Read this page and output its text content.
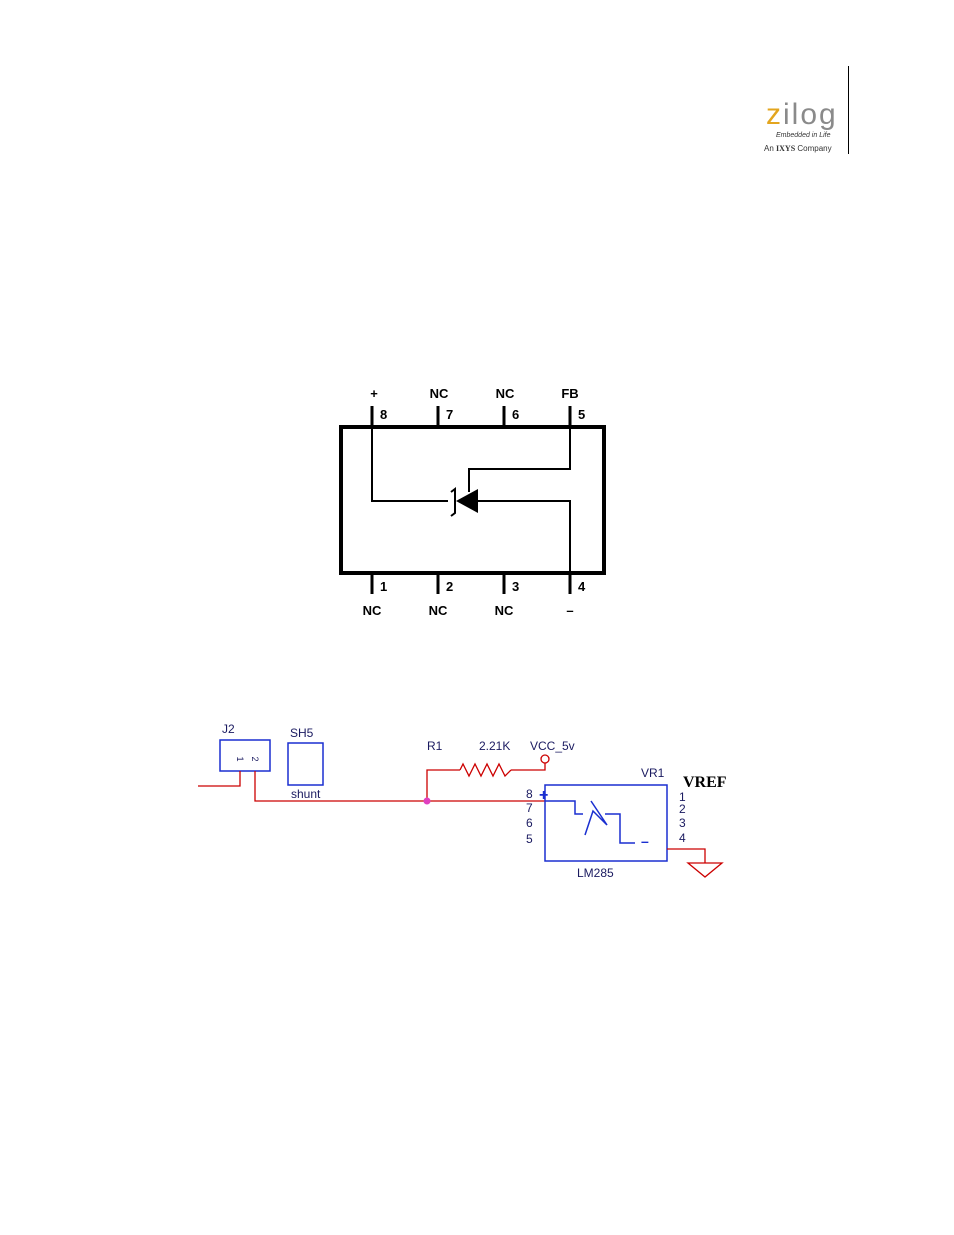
zilog
Embedded in Life
An IXYS Company
+	NC	NC	FB
8	7	6	5
1	2	3	4
NC	NC	NC	–
J2
1 2
SH5
shunt
R1	2.21K VCC_5v
VR1
VREF
8
7
6
5
1
2
3
4
+
–
LM285
